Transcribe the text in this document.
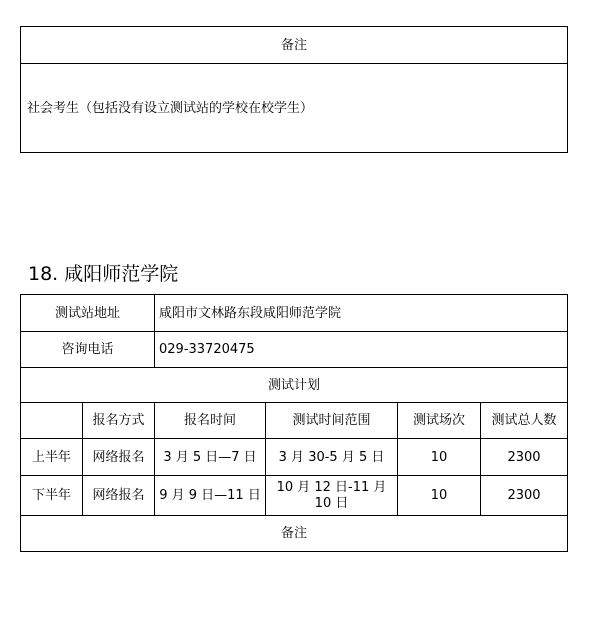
备注
社会考生（包括没有设立测试站的学校在校学生）
18. 咸阳师范学院
测试站地址		咸阳市文林路东段咸阳师范学院			
咨询电话		029-33720475			
测试计划					
	报名方式	报名时间	测试时间范围	测试场次	测试总人数
上半年	网络报名	3 月 5 日—7 日	3 月 30-5 月 5 日	10	2300
下半年	网络报名	9 月 9 日—11 日	10 月 12 日-11 月 10 日	10	2300
备注					
